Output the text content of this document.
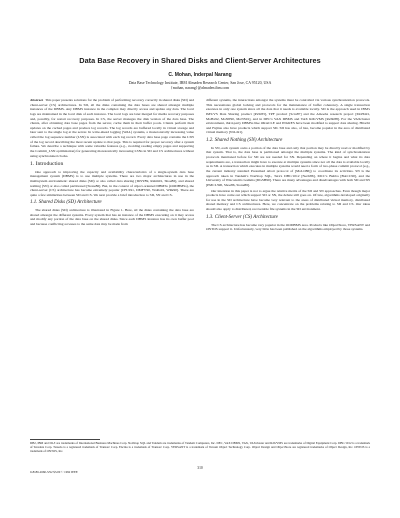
Data Base Recovery in Shared Disks and Client-Server Architectures
C. Mohan, Inderpal Narang
Data Base Technology Institute, IBM Almaden Research Center, San Jose, CA 95120, USA
{mohan, narang}@almaden.ibm.com

Abstract This paper presents solutions for the problem of performing recovery correctly in shared disks (SD) and client-server (CS) architectures. In SD, all the disks containing the data bases are shared amongst multiple instances of the DBMS. Any DBMS instance in the complex may directly access and update any data. The local logs are maintained in the local disk of each instance. The local logs are later merged for media recovery purposes and, possibly, for restart recovery purposes. In CS, the server manages the disk version of the data base. The clients, after obtaining data base pages from the server, cache them in their buffer pools. Clients perform their updates on the cached pages and produce log records. The log records are buffered locally in virtual storage and later sent to the single log at the server. In write-ahead logging (WAL) systems, a monotonically increasing value called the log sequence number (LSN) is associated with each log record. Every data base page contains the LSN of the log record describing the most recent update to that page. This is required for proper recovery after a system failure. We describe a technique with some valuable features (e.g., avoiding reading empty pages and supporting the Commit_LSN optimization) for generating monotonically increasing LSNs in SD and CS architectures without using synchronized clocks.

1. Introduction

One approach to improving the capacity and availability characteristics of a single-system data base management system (DBMS) is to use multiple systems. There are two major architectures in use in the multisystem environment: shared disks (SD) or also called data sharing [DiSY89, Rahm91, Shoe86], and shared nothing (SN) or also called partitioned [Stone86]. But, in the context of object-oriented DBMSs (OODBMSs), the client-server (CS) architecture has become extremely popular [CFLS91, DMFV90, WaRo91, Wilk90]. There are quite a few similarities between SD and CS. We next provide a brief introduction to SD, SN and CS.

1.1. Shared Disks (SD) Architecture

The shared disks (SD) architecture is illustrated in Figure 1. Here, all the disks containing the data base are shared amongst the different systems. Every system that has an instance of the DBMS executing on it may access and modify any portion of the data base on the shared disks. Since each DBMS instance has its own buffer pool and because conflicting accesses to the same data may be made from

different systems, the interactions amongst the systems must be controlled via various synchronization protocols. This necessitates global locking and protocols for the maintenance of buffer coherency. A single transaction executes in only one system since all the data that it needs is available locally. SD is the approach used in IBM's IMS/VS Data Sharing product [PeSt83], TPF product [Scru87] and the Amoeba research project [MoHa91, MoHa92, MoNP90, MoNS91], and in DEC's VAX DBMS and VAX Rdb/VMS [ReSh88]. For the VAXcluster environment, third-party DBMSs like ORACLE and INGRES have been modified to support data sharing. Hitachi and Fujitsu also have products which support SD. SD has also, of late, become popular in the area of distributed virtual memory [NiLo91].

1.2. Shared Nothing (SN) Architecture

In SN, each system owns a portion of the data base and only that portion may be directly read or modified by that system. That is, the data base is partitioned amongst the multiple systems. The kind of synchronization protocols mentioned before for SD are not needed for SN. Depending on where it begins and what its data requirements are, a transaction might have to execute at multiple systems since not all the data is available locally as in SD. A transaction which executes in multiple systems would need a form of two-phase commit protocol (e.g., the current industry standard Presumed Abort protocol of [MoLO86]) to coordinate its activities. SN is the approach taken in Tandem's NonStop SQL, Tera's DBC/1012 [Nech86], MCC's Bubba [BACC90], and the University of Wisconsin's Gamma [DGSB90]. There are many advantages and disadvantages with both SD and SN [PMCL590, Shoe86, Stone86].

Our intention in this paper is not to argue the relative merits of the SD and SN approaches. Even though major products have come out which support SD or SN, the debate still goes on. Of late, algorithms developed originally for use in the SD architecture have become very relevant to the areas of distributed virtual memory, distributed shared memory and CS architectures. Here, we concentrate on the problems relating to SD and CS. Our ideas should also apply to distributed, recoverable file systems in the SD environment.

1.3. Client-Server (CS) Architecture

The CS architecture has become very popular in the OODBMS area. Products like ObjectStore, VERSANT and ONTOS support it. Unfortunately, very little has been published on the algorithms employed by those systems.

DB2, IBM and DL/I are trademarks of International Business Machines Corp. NonStop SQL and Tandem are trademarks of Tandem Computers, Inc. DEC, VAX DBMS, VAX, VAXcluster and Rdb/VMS are trademarks of Digital Equipment Corp. DBC/1012 is a trademark of Teradata Corp. Tuxedo is a registered trademark of Transarc Corp. Encina is a trademark of Transarc Corp. VERSANT is a trademark of Versant Object Technology Corp. Object Design and ObjectStore are registered trademarks of Object Design, Inc. ONTOS is a trademark of ONTOS, Inc.
310
0-8186-2660-5/92 $3.00 © 1992 IEEE
